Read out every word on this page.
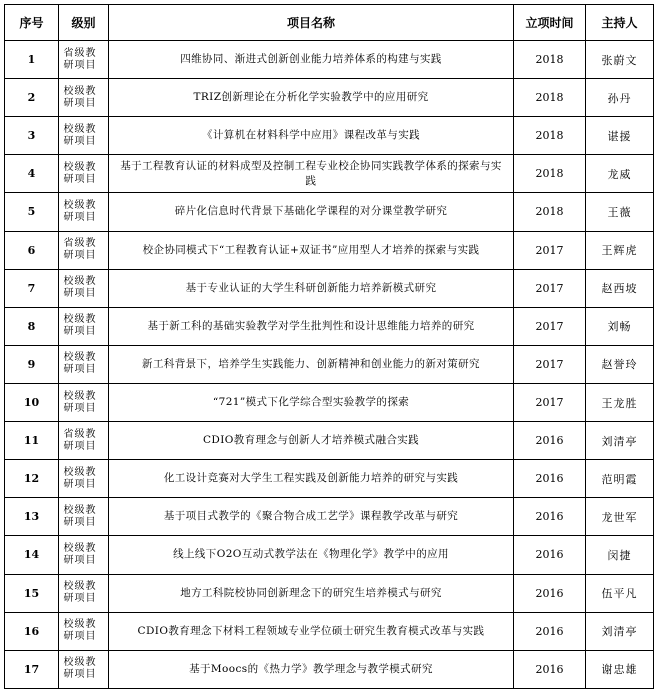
序号	级别	项目名称	立项时间	主持人
1	省级教研项目	四维协同、渐进式创新创业能力培养体系的构建与实践	2018	张蔚文
2	校级教研项目	TRIZ创新理论在分析化学实验教学中的应用研究	2018	孙丹
3	校级教研项目	《计算机在材料科学中应用》课程改革与实践	2018	谌援
4	校级教研项目	基于工程教育认证的材料成型及控制工程专业校企协同实践教学体系的探索与实践	2018	龙威
5	校级教研项目	碎片化信息时代背景下基础化学课程的对分课堂教学研究	2018	王薇
6	省级教研项目	校企协同模式下“工程教育认证+双证书”应用型人才培养的探索与实践	2017	王辉虎
7	校级教研项目	基于专业认证的大学生科研创新能力培养新模式研究	2017	赵西坡
8	校级教研项目	基于新工科的基础实验教学对学生批判性和设计思维能力培养的研究	2017	刘畅
9	校级教研项目	新工科背景下，培养学生实践能力、创新精神和创业能力的新对策研究	2017	赵誉玲
10	校级教研项目	“721”模式下化学综合型实验教学的探索	2017	王龙胜
11	省级教研项目	CDIO教育理念与创新人才培养模式融合实践	2016	刘清亭
12	校级教研项目	化工设计竞赛对大学生工程实践及创新能力培养的研究与实践	2016	范明霞
13	校级教研项目	基于项目式教学的《聚合物合成工艺学》课程教学改革与研究	2016	龙世军
14	校级教研项目	线上线下O2O互动式教学法在《物理化学》教学中的应用	2016	闵捷
15	校级教研项目	地方工科院校协同创新理念下的研究生培养模式与研究	2016	伍平凡
16	校级教研项目	CDIO教育理念下材料工程领域专业学位硕士研究生教育模式改革与实践	2016	刘清亭
17	校级教研项目	基于Moocs的《热力学》教学理念与教学模式研究	2016	谢忠雄
